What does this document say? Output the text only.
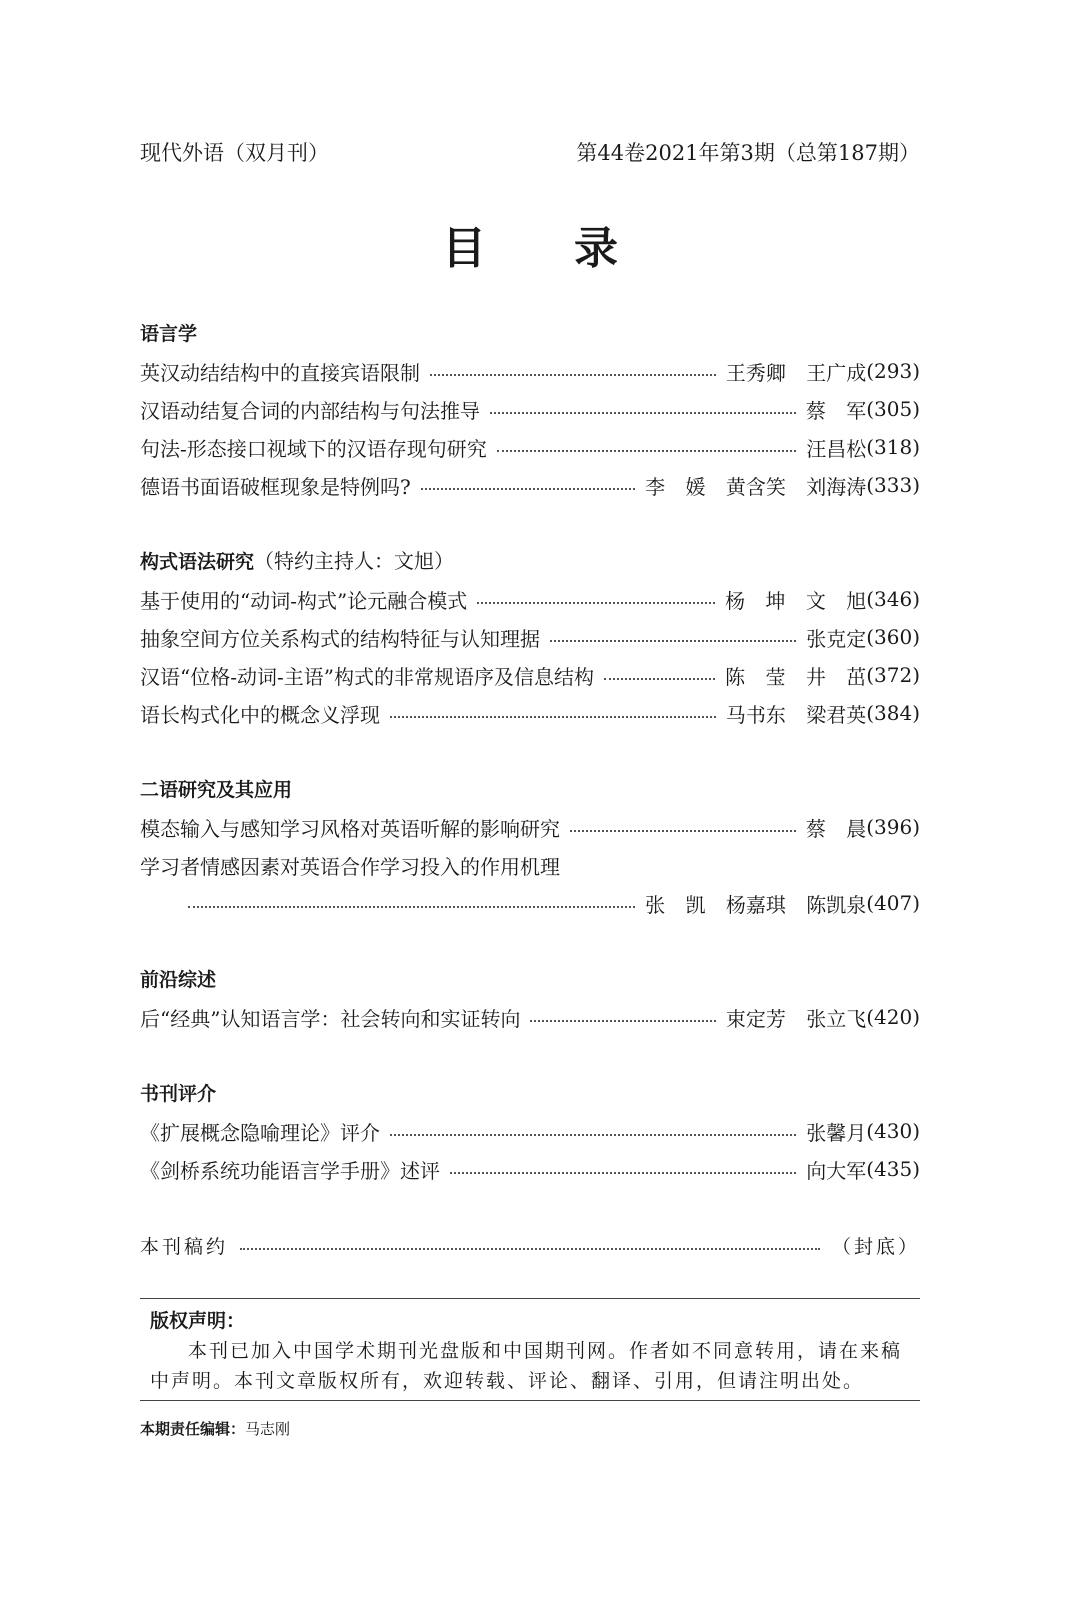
现代外语（双月刊）	第44卷2021年第3期（总第187期）
目录
语言学
英汉动结结构中的直接宾语限制	王秀卿 王广成 (293)
汉语动结复合词的内部结构与句法推导	蔡 军 (305)
句法-形态接口视域下的汉语存现句研究	汪昌松 (318)
德语书面语破框现象是特例吗?	李 媛 黄含笑 刘海涛 (333)
构式语法研究（特约主持人：文旭）
基于使用的“动词-构式”论元融合模式	杨 坤 文 旭 (346)
抽象空间方位关系构式的结构特征与认知理据	张克定 (360)
汉语“位格-动词-主语”构式的非常规语序及信息结构	陈 莹 井 茁 (372)
语长构式化中的概念义浮现	马书东 梁君英 (384)
二语研究及其应用
模态输入与感知学习风格对英语听解的影响研究	蔡 晨 (396)
学习者情感因素对英语合作学习投入的作用机理
张 凯 杨嘉琪 陈凯泉 (407)
前沿综述
后“经典”认知语言学：社会转向和实证转向	束定芳 张立飞 (420)
书刊评介
《扩展概念隐喻理论》评介	张馨月 (430)
《剑桥系统功能语言学手册》述评	向大军 (435)
本刊稿约	（封底）
版权声明：
本刊已加入中国学术期刊光盘版和中国期刊网。作者如不同意转用，请在来稿中声明。本刊文章版权所有，欢迎转载、评论、翻译、引用，但请注明出处。
本期责任编辑：马志刚
